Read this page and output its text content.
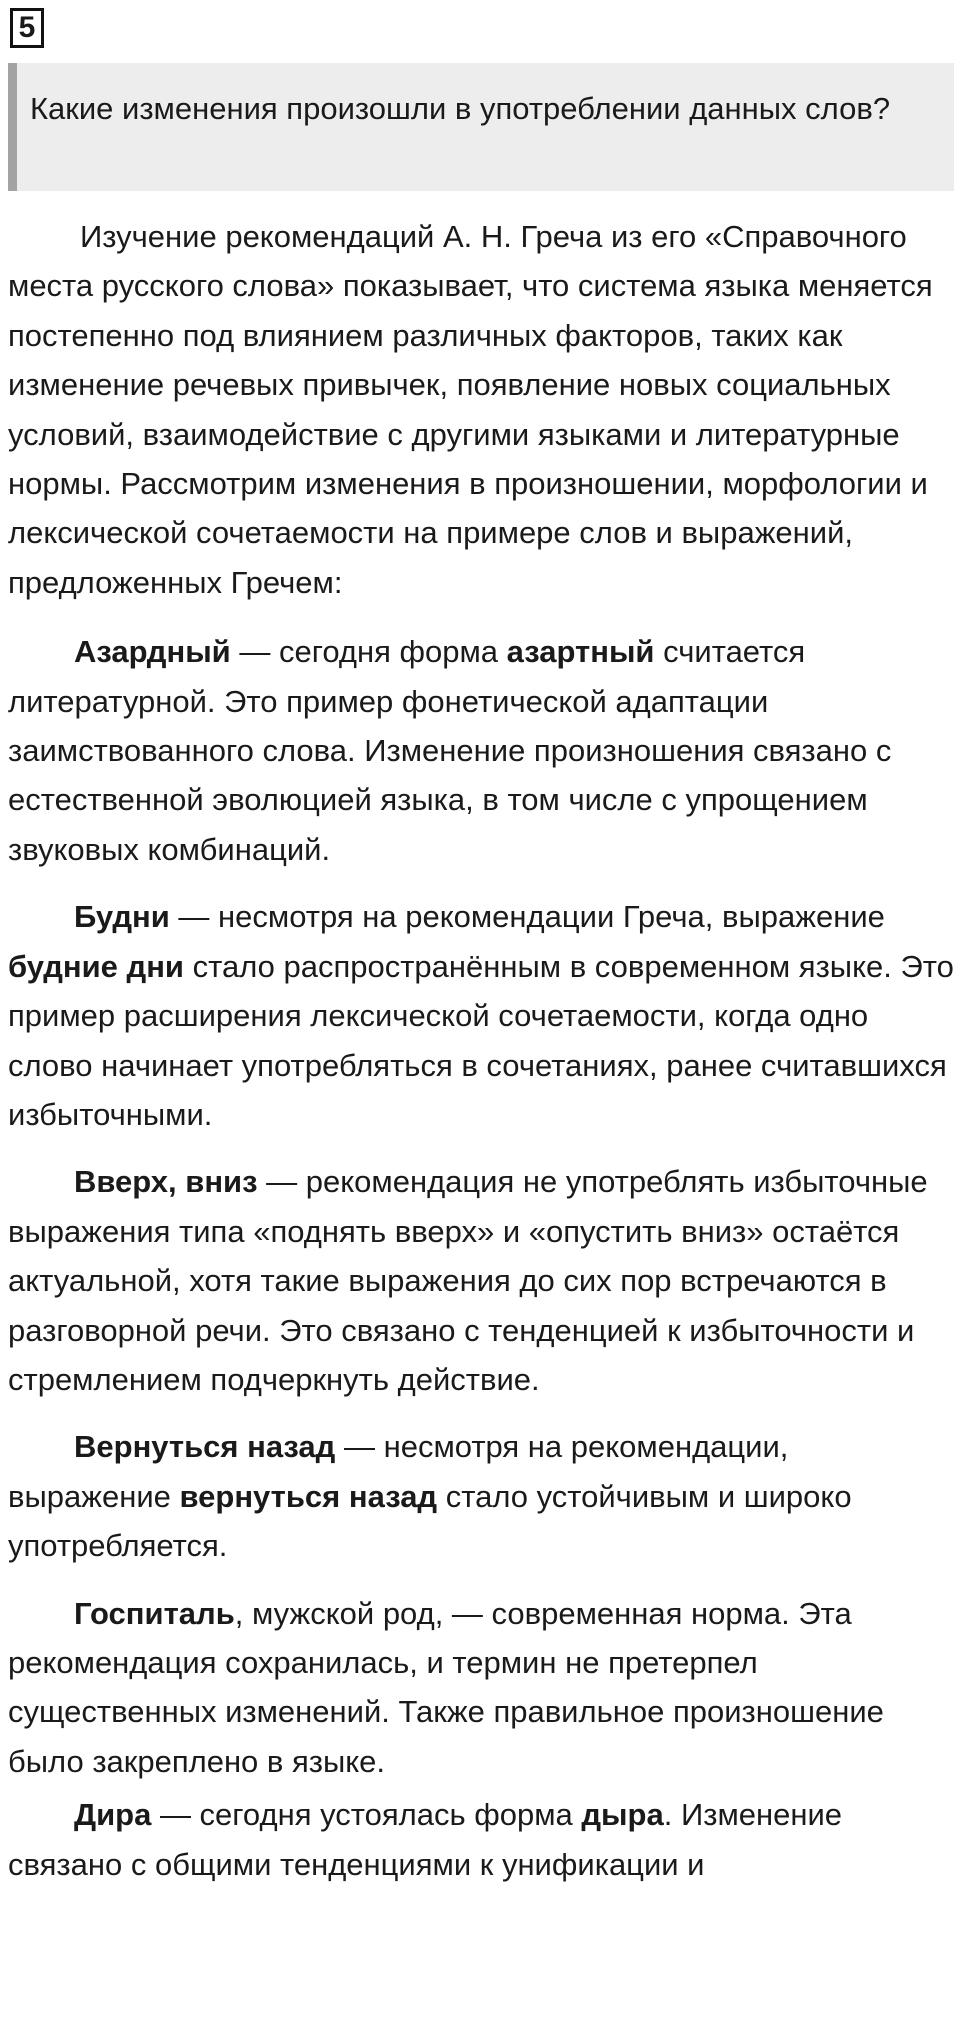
5
Какие изменения произошли в употреблении данных слов?

Изучение рекомендаций А. Н. Греча из его «Справочного места русского слова» показывает, что система языка меняется постепенно под влиянием различных факторов, таких как изменение речевых привычек, появление новых социальных условий, взаимодействие с другими языками и литературные нормы. Рассмотрим изменения в произношении, морфологии и лексической сочетаемости на примере слов и выражений, предложенных Гречем:

Азардный — сегодня форма азартный считается литературной. Это пример фонетической адаптации заимствованного слова. Изменение произношения связано с естественной эволюцией языка, в том числе с упрощением звуковых комбинаций.

Будни — несмотря на рекомендации Греча, выражение будние дни стало распространённым в современном языке. Это пример расширения лексической сочетаемости, когда одно слово начинает употребляться в сочетаниях, ранее считавшихся избыточными.

Вверх, вниз — рекомендация не употреблять избыточные выражения типа «поднять вверх» и «опустить вниз» остаётся актуальной, хотя такие выражения до сих пор встречаются в разговорной речи. Это связано с тенденцией к избыточности и стремлением подчеркнуть действие.

Вернуться назад — несмотря на рекомендации, выражение вернуться назад стало устойчивым и широко употребляется.

Госпиталь, мужской род, — современная норма. Эта рекомендация сохранилась, и термин не претерпел существенных изменений. Также правильное произношение было закреплено в языке.

Дира — сегодня устоялась форма дыра. Изменение связано с общими тенденциями к унификации и
